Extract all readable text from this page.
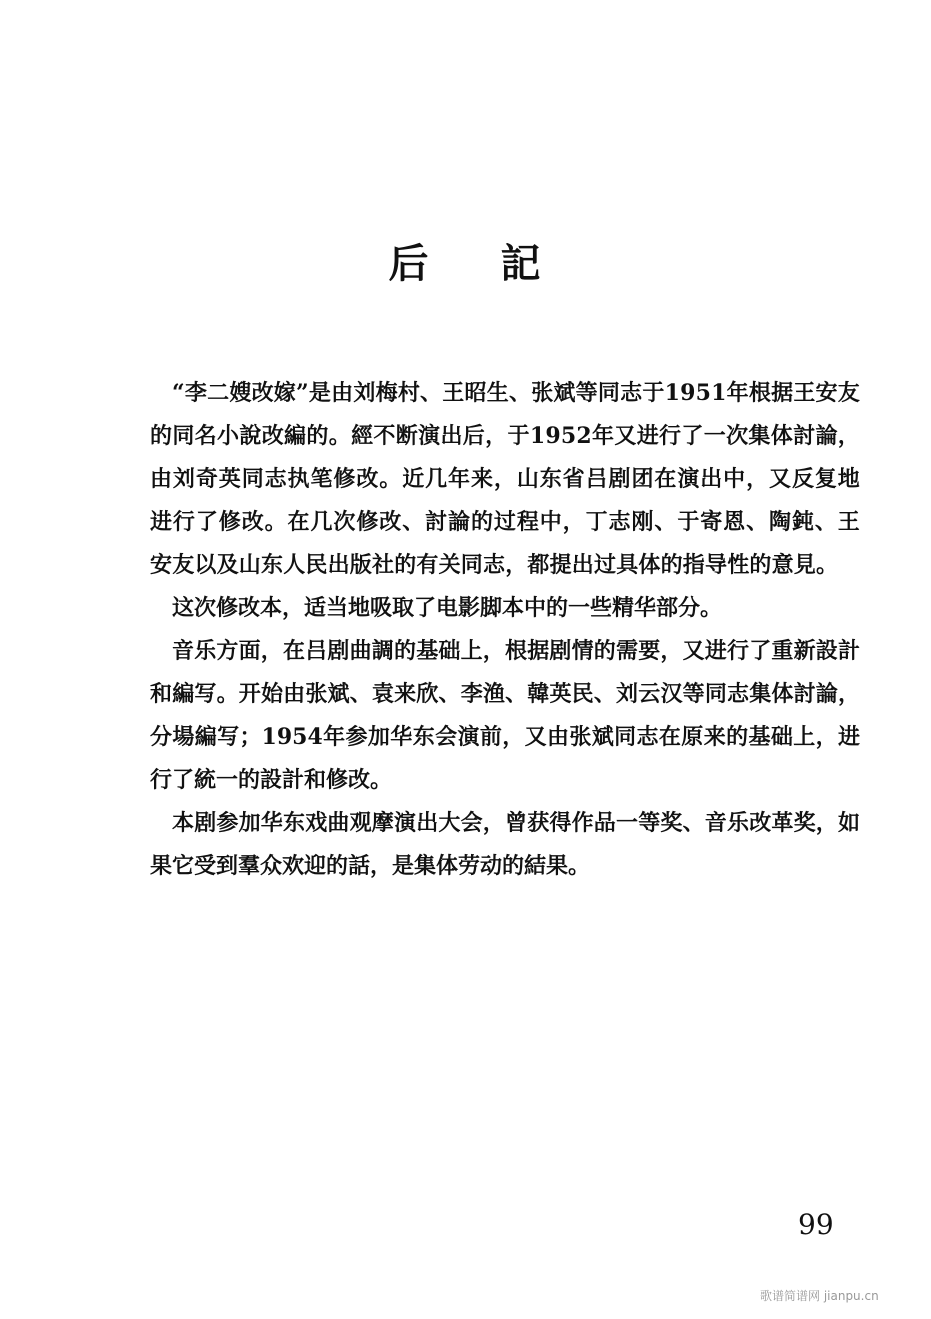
后 記

“李二嫂改嫁”是由刘梅村、王昭生、张斌等同志于1951年根据王安友的同名小說改編的。經不断演出后，于1952年又进行了一次集体討論，由刘奇英同志执笔修改。近几年来，山东省吕剧团在演出中，又反复地进行了修改。在几次修改、討論的过程中，丁志刚、于寄恩、陶鈍、王安友以及山东人民出版社的有关同志，都提出过具体的指导性的意見。

这次修改本，适当地吸取了电影脚本中的一些精华部分。

音乐方面，在吕剧曲調的基础上，根据剧情的需要，又进行了重新設計和編写。开始由张斌、袁来欣、李渔、韓英民、刘云汉等同志集体討論，分場編写；1954年参加华东会演前，又由张斌同志在原来的基础上，进行了統一的設計和修改。

本剧参加华东戏曲观摩演出大会，曾获得作品一等奖、音乐改革奖，如果它受到羣众欢迎的話，是集体劳动的結果。

99
歌谱简谱网 jianpu.cn
